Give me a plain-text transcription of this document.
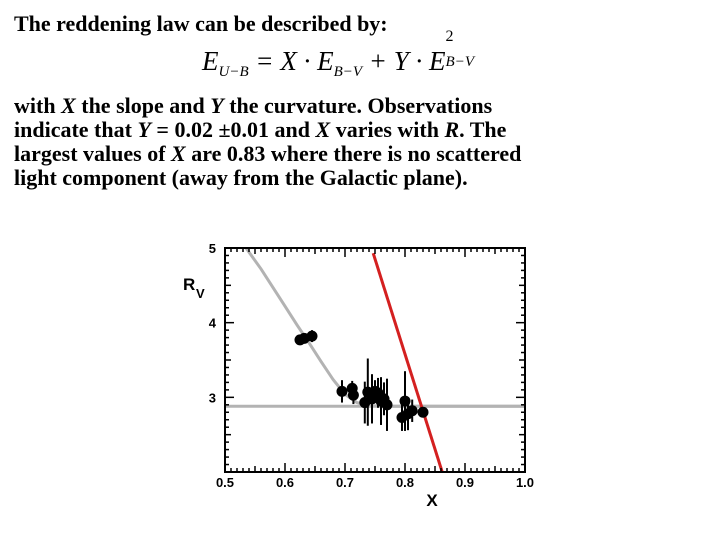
The reddening law can be described by:
$E_{U-B} = X \cdot E_{B-V} + Y \cdot E$
2
B−V
with X the slope and Y the curvature. Observations
indicate that Y = 0.02 ±0.01 and X varies with R. The
largest values of X are 0.83 where there is no scattered
light component (away from the Galactic plane).
0.5	0.6	0.7	0.8	0.9	1.0
3
4
5
X
R V
